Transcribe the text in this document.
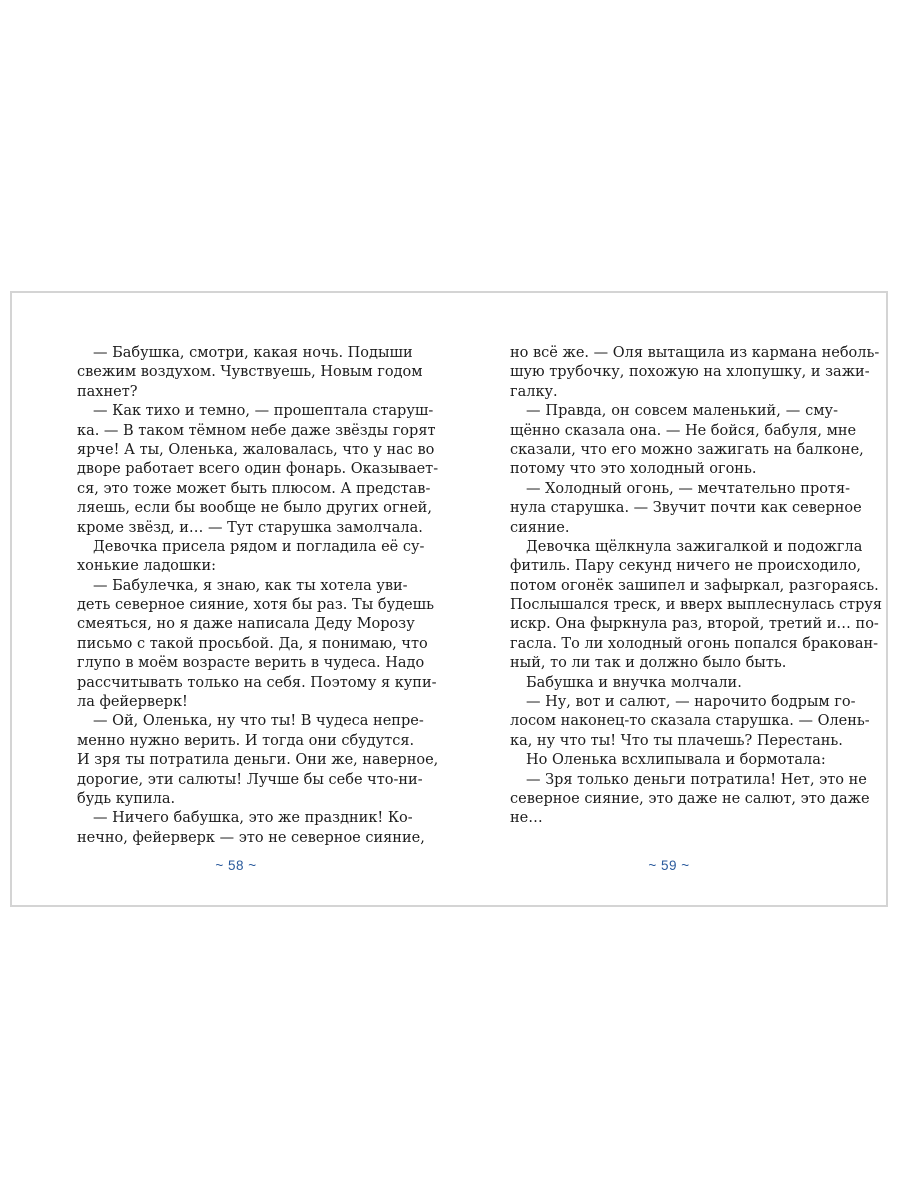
— Бабушка, смотри, какая ночь. Подыши
свежим воздухом. Чувствуешь, Новым годом
пахнет?
— Как тихо и темно, — прошептала старуш-
ка. — В таком тёмном небе даже звёзды горят
ярче! А ты, Оленька, жаловалась, что у нас во
дворе работает всего один фонарь. Оказывает-
ся, это тоже может быть плюсом. А представ-
ляешь, если бы вообще не было других огней,
кроме звёзд, и… — Тут старушка замолчала.
Девочка присела рядом и погладила её су-
хонькие ладошки:
— Бабулечка, я знаю, как ты хотела уви-
деть северное сияние, хотя бы раз. Ты будешь
смеяться, но я даже написала Деду Морозу
письмо с такой просьбой. Да, я понимаю, что
глупо в моём возрасте верить в чудеса. Надо
рассчитывать только на себя. Поэтому я купи-
ла фейерверк!
— Ой, Оленька, ну что ты! В чудеса непре-
менно нужно верить. И тогда они сбудутся.
И зря ты потратила деньги. Они же, наверное,
дорогие, эти салюты! Лучше бы себе что-ни-
будь купила.
— Ничего бабушка, это же праздник! Ко-
нечно, фейерверк — это не северное сияние,
но всё же. — Оля вытащила из кармана неболь-
шую трубочку, похожую на хлопушку, и зажи-
галку.
— Правда, он совсем маленький, — сму-
щённо сказала она. — Не бойся, бабуля, мне
сказали, что его можно зажигать на балконе,
потому что это холодный огонь.
— Холодный огонь, — мечтательно протя-
нула старушка. — Звучит почти как северное
сияние.
Девочка щёлкнула зажигалкой и подожгла
фитиль. Пару секунд ничего не происходило,
потом огонёк зашипел и зафыркал, разгораясь.
Послышался треск, и вверх выплеснулась струя
искр. Она фыркнула раз, второй, третий и… по-
гасла. То ли холодный огонь попался бракован-
ный, то ли так и должно было быть.
Бабушка и внучка молчали.
— Ну, вот и салют, — нарочито бодрым го-
лосом наконец-то сказала старушка. — Олень-
ка, ну что ты! Что ты плачешь? Перестань.
Но Оленька всхлипывала и бормотала:
— Зря только деньги потратила! Нет, это не
северное сияние, это даже не салют, это даже
не…
~ 58 ~	~ 59 ~
